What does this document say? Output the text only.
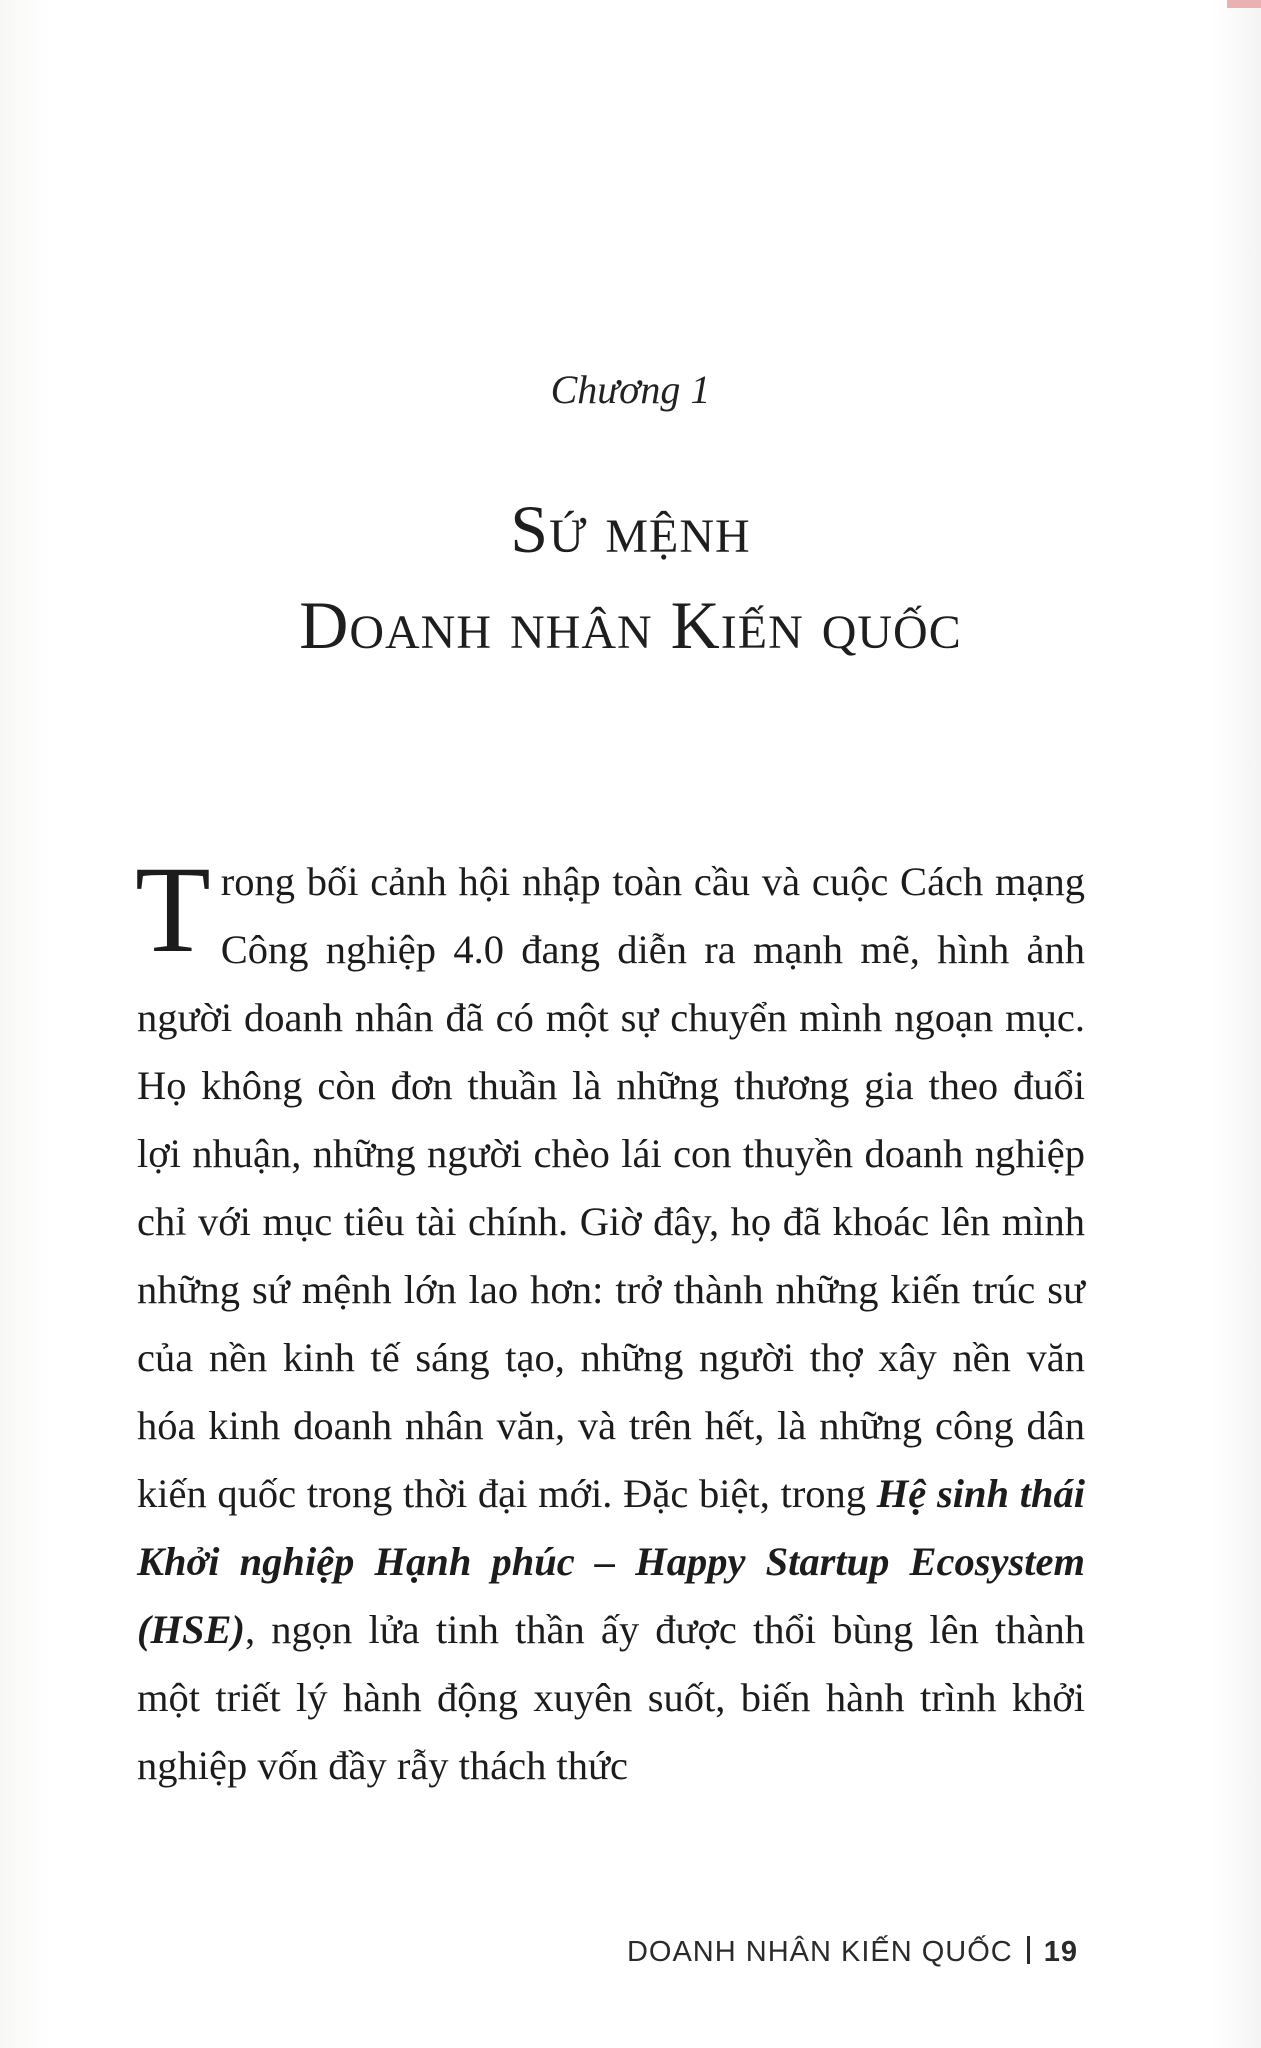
Chương 1
Sứ mệnh
Doanh nhân Kiến quốc
Trong bối cảnh hội nhập toàn cầu và cuộc Cách mạng Công nghiệp 4.0 đang diễn ra mạnh mẽ, hình ảnh người doanh nhân đã có một sự chuyển mình ngoạn mục. Họ không còn đơn thuần là những thương gia theo đuổi lợi nhuận, những người chèo lái con thuyền doanh nghiệp chỉ với mục tiêu tài chính. Giờ đây, họ đã khoác lên mình những sứ mệnh lớn lao hơn: trở thành những kiến trúc sư của nền kinh tế sáng tạo, những người thợ xây nền văn hóa kinh doanh nhân văn, và trên hết, là những công dân kiến quốc trong thời đại mới. Đặc biệt, trong Hệ sinh thái Khởi nghiệp Hạnh phúc – Happy Startup Ecosystem (HSE), ngọn lửa tinh thần ấy được thổi bùng lên thành một triết lý hành động xuyên suốt, biến hành trình khởi nghiệp vốn đầy rẫy thách thức
DOANH NHÂN KIẾN QUỐC 19
